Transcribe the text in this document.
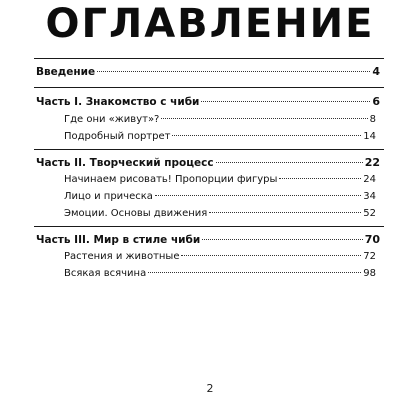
ОГЛАВЛЕНИЕ
Введение	4
Часть I. Знакомство с чиби	6
Где они «живут»?	8
Подробный портрет	14
Часть II. Творческий процесс	22
Начинаем рисовать! Пропорции фигуры	24
Лицо и прическа	34
Эмоции. Основы движения	52
Часть III. Мир в стиле чиби	70
Растения и животные	72
Всякая всячина	98
2
